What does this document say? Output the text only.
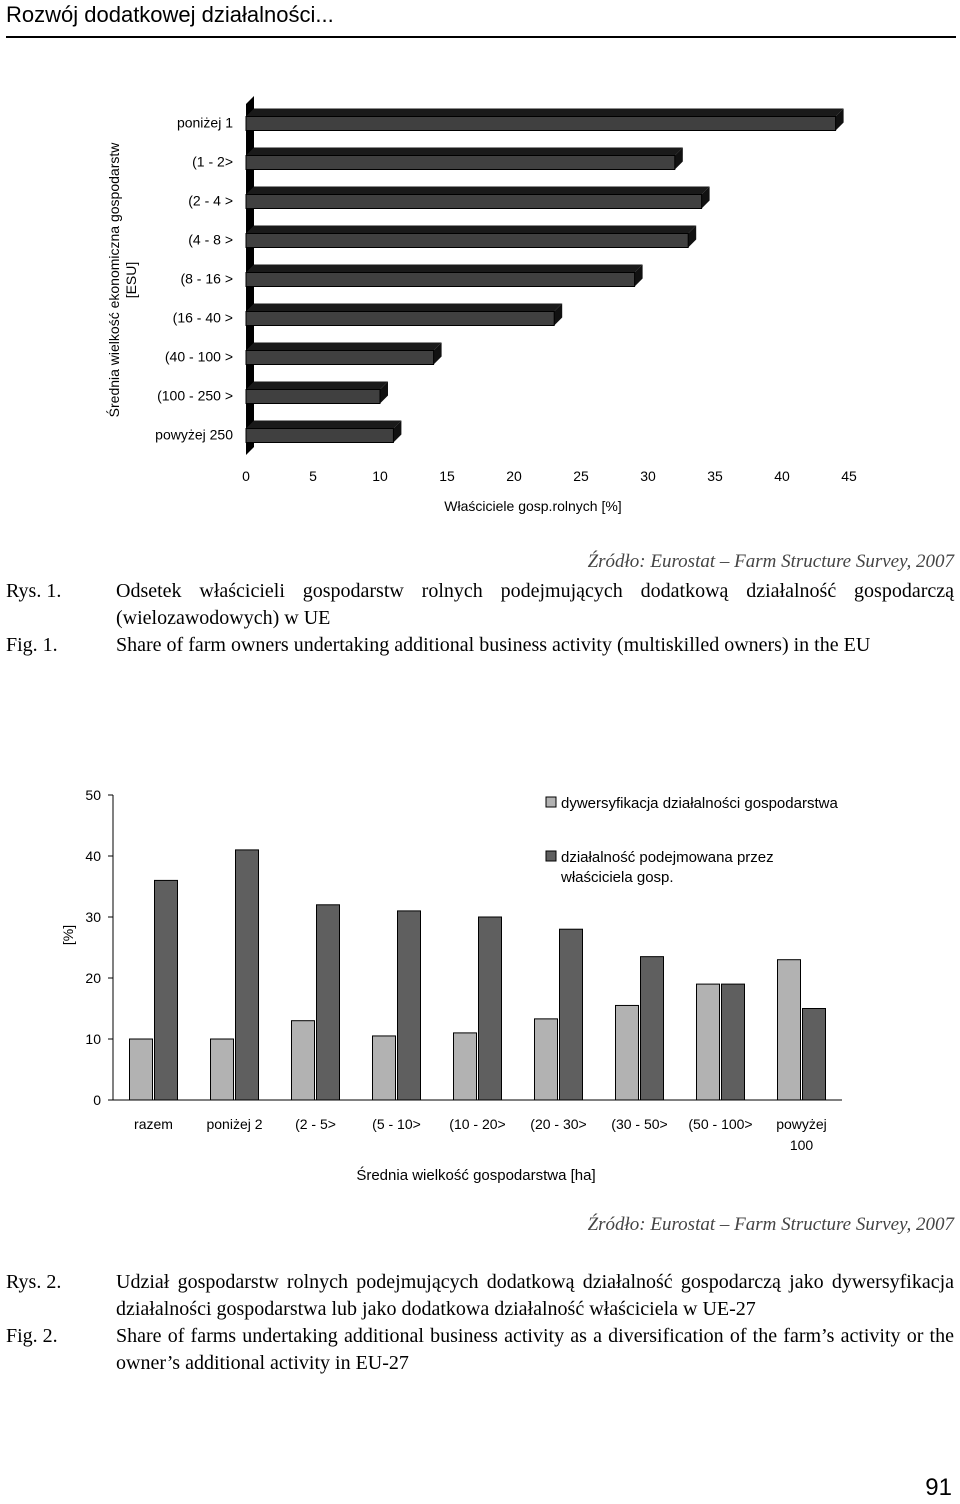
Rozwój dodatkowej działalności...
poniżej 1
(1 - 2>
(2 - 4 >
(4 - 8 >
(8 - 16 >
(16 - 40 >
(40 - 100 >
(100 - 250 >
powyżej 250
0	5	10	15	20	25	30	35	40	45
Właściciele gosp.rolnych [%]
Średnia wielkość ekonomiczna gospodarstw [ESU]
Źródło: Eurostat – Farm Structure Survey, 2007
Rys. 1.	Odsetek właścicieli gospodarstw rolnych podejmujących dodatkową działalność gospodarczą (wielozawodowych) w UE
Fig. 1.	Share of farm owners undertaking additional business activity (multiskilled owners) in the EU
0
10
20
30
40
50
[%]
razem poniżej 2 (2 - 5>	(5 - 10> (10 - 20> (20 - 30> (30 - 50> (50 - 100> powyżej
100
Średnia wielkość gospodarstwa [ha]
dywersyfikacja działalności gospodarstwa
działalność podejmowana przez
właściciela gosp.
Źródło: Eurostat – Farm Structure Survey, 2007
Rys. 2.	Udział gospodarstw rolnych podejmujących dodatkową działalność gospodarczą jako dywersyfikacja działalności gospodarstwa lub jako dodatkowa działalność właściciela w UE-27
Fig. 2.	Share of farms undertaking additional business activity as a diversification of the farm’s activity or the owner’s additional activity in EU-27
91
